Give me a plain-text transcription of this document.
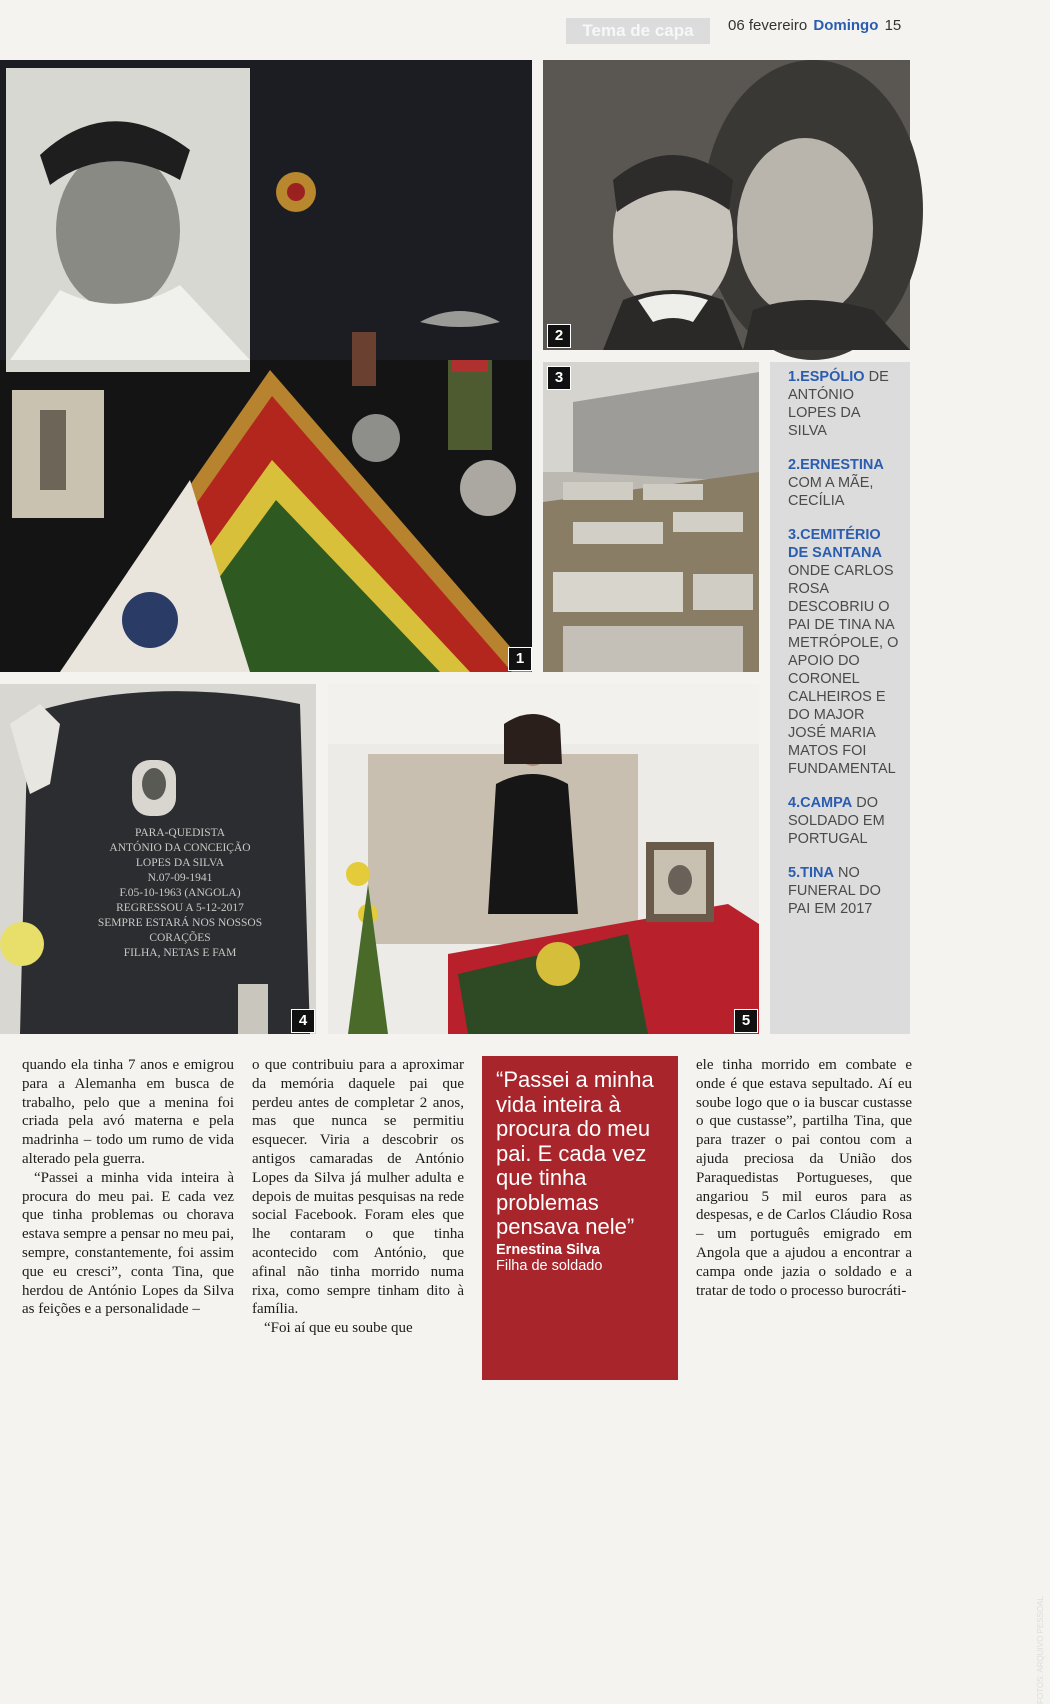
Tema de capa	06 fevereiro Domingo 15
1
2
3	1.ESPÓLIO DE ANTÓNIO LOPES DA SILVA
2.ERNESTINA COM A MÃE, CECÍLIA
3.CEMITÉRIO DE SANTANA ONDE CARLOS ROSA DESCOBRIU O PAI DE TINA NA METRÓPOLE, O APOIO DO CORONEL CALHEIROS E DO MAJOR JOSÉ MARIA MATOS FOI FUNDAMENTAL
4.CAMPA DO SOLDADO EM PORTUGAL
5.TINA NO FUNERAL DO PAI EM 2017
PARA-QUEDISTA
ANTÓNIO DA CONCEIÇÃO
LOPES DA SILVA
N.07-09-1941
F.05-10-1963 (ANGOLA)
REGRESSOU A 5-12-2017
SEMPRE ESTARÁ NOS NOSSOS
CORAÇÕES
FILHA, NETAS E FAM
4
FOTOS: ARQUIVO PESSOAL
5

quando ela tinha 7 anos e emigrou para a Alemanha em busca de trabalho, pelo que a menina foi criada pela avó materna e pela madrinha – todo um rumo de vida alterado pela guerra.

“Passei a minha vida inteira à procura do meu pai. E cada vez que tinha problemas ou chorava estava sempre a pensar no meu pai, sempre, constantemente, foi assim que eu cresci”, conta Tina, que herdou de António Lopes da Silva as feições e a personalidade –

o que contribuiu para a aproximar da memória daquele pai que perdeu antes de completar 2 anos, mas que nunca se permitiu esquecer. Viria a descobrir os antigos camaradas de António Lopes da Silva já mulher adulta e depois de muitas pesquisas na rede social Facebook. Foram eles que lhe contaram o que tinha acontecido com António, que afinal não tinha morrido numa rixa, como sempre tinham dito à família.

“Foi aí que eu soube que

“Passei a minha vida inteira à procura do meu pai. E cada vez que tinha problemas pensava nele”
Ernestina Silva
Filha de soldado

ele tinha morrido em combate e onde é que estava sepultado. Aí eu soube logo que o ia buscar custasse o que custasse”, partilha Tina, que para trazer o pai contou com a ajuda preciosa da União dos Paraquedistas Portugueses, que angariou 5 mil euros para as despesas, e de Carlos Cláudio Rosa – um português emigrado em Angola que a ajudou a encontrar a campa onde jazia o soldado e a tratar de todo o processo burocráti-
